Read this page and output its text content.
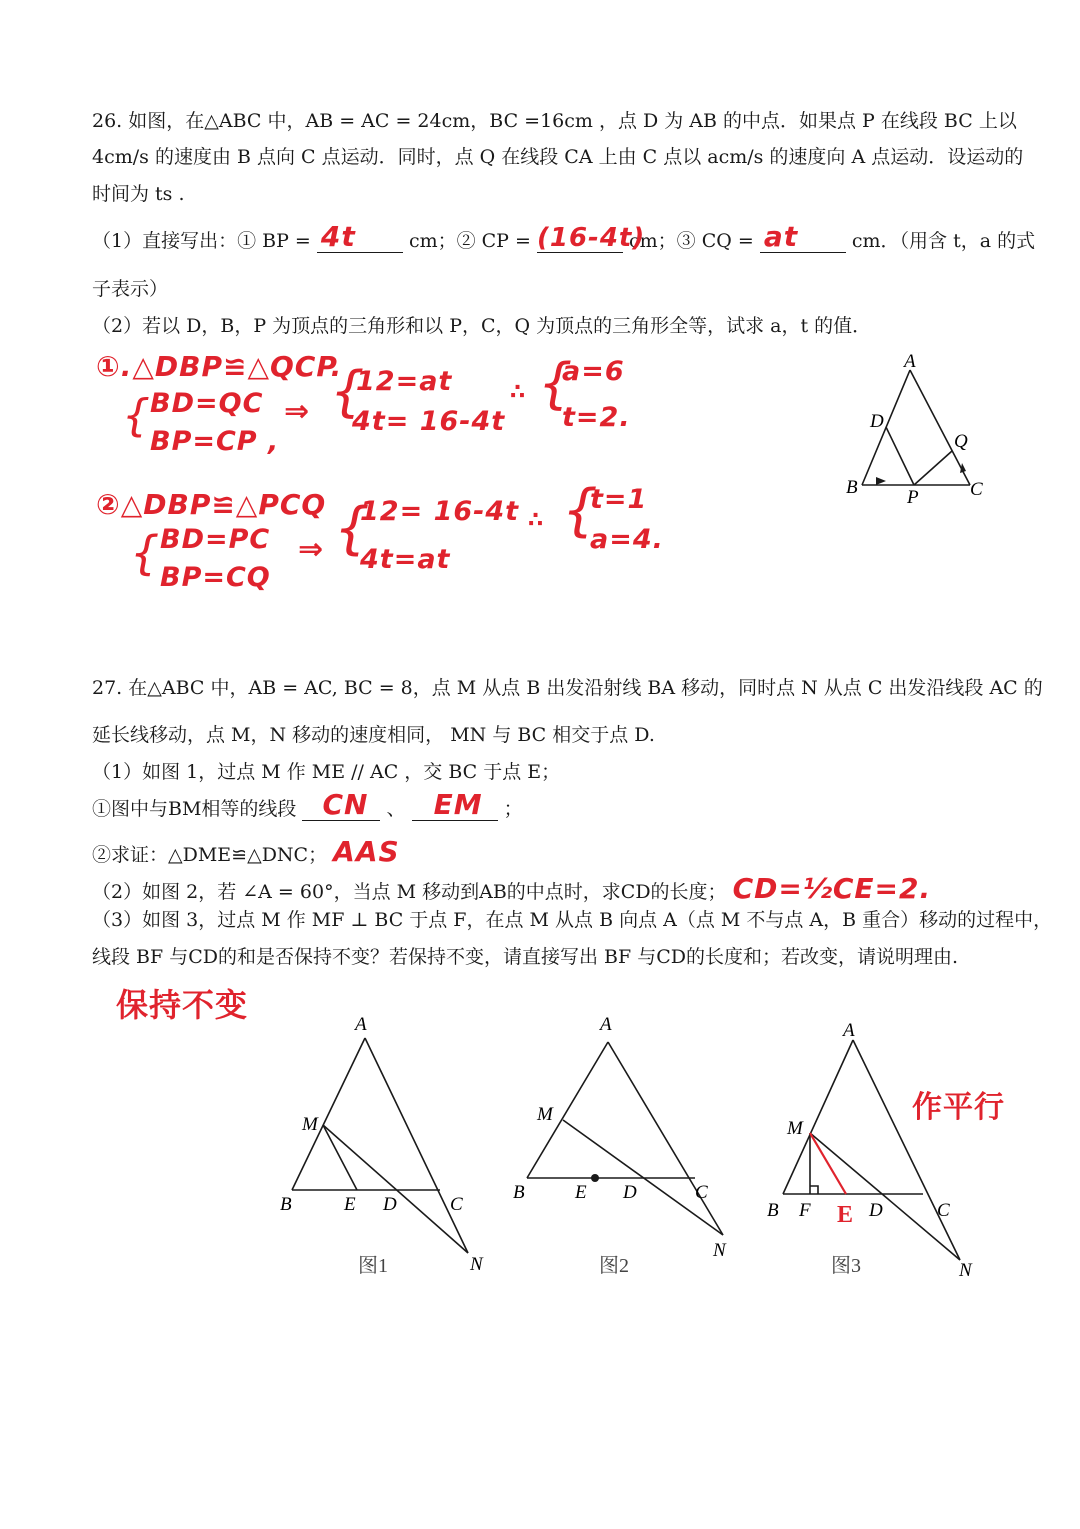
26. 如图，在△ABC 中，AB = AC = 24cm，BC =16cm ，点 D 为 AB 的中点．如果点 P 在线段 BC 上以
4cm/s 的速度由 B 点向 C 点运动．同时，点 Q 在线段 CA 上由 C 点以 acm/s 的速度向 A 点运动．设运动的
时间为 ts .
（1）直接写出：① BP = 4t	cm；② CP = (16-4t)
cm；③ CQ = at	cm．（用含 t，a 的式
子表示）
（2）若以 D，B，P 为顶点的三角形和以 P，C，Q 为顶点的三角形全等，试求 a，t 的值．
①.△DBP≌△QCP.
{ BD=QC
BP=CP ,
⇒ {
12=at
4t= 16-4t
∴ {
a=6
t=2.
②△DBP≌△PCQ
{ BD=PC
BP=CQ
⇒ {
12= 16-4t
4t=at
∴ {
t=1
a=4.
A
D
Q
B	P	C
27. 在△ABC 中，AB = AC, BC = 8，点 M 从点 B 出发沿射线 BA 移动，同时点 N 从点 C 出发沿线段 AC 的
延长线移动，点 M，N 移动的速度相同， MN 与 BC 相交于点 D.
（1）如图 1，过点 M 作 ME // AC ，交 BC 于点 E；
①图中与BM相等的线段 CN 、 EM ；
②求证：△DME≌△DNC； AAS
（2）如图 2，若 ∠A = 60°，当点 M 移动到AB的中点时，求CD的长度； CD=½CE=2.
（3）如图 3，过点 M 作 MF ⊥ BC 于点 F，在点 M 从点 B 向点 A（点 M 不与点 A，B 重合）移动的过程中，
线段 BF 与CD的和是否保持不变？若保持不变，请直接写出 BF 与CD的长度和；若改变，请说明理由.
保持不变
作平行
A
M
B	E D	C
N
图1
A
M
B	E D	C
N
图2
A
M
B F E D	C
N
图3
